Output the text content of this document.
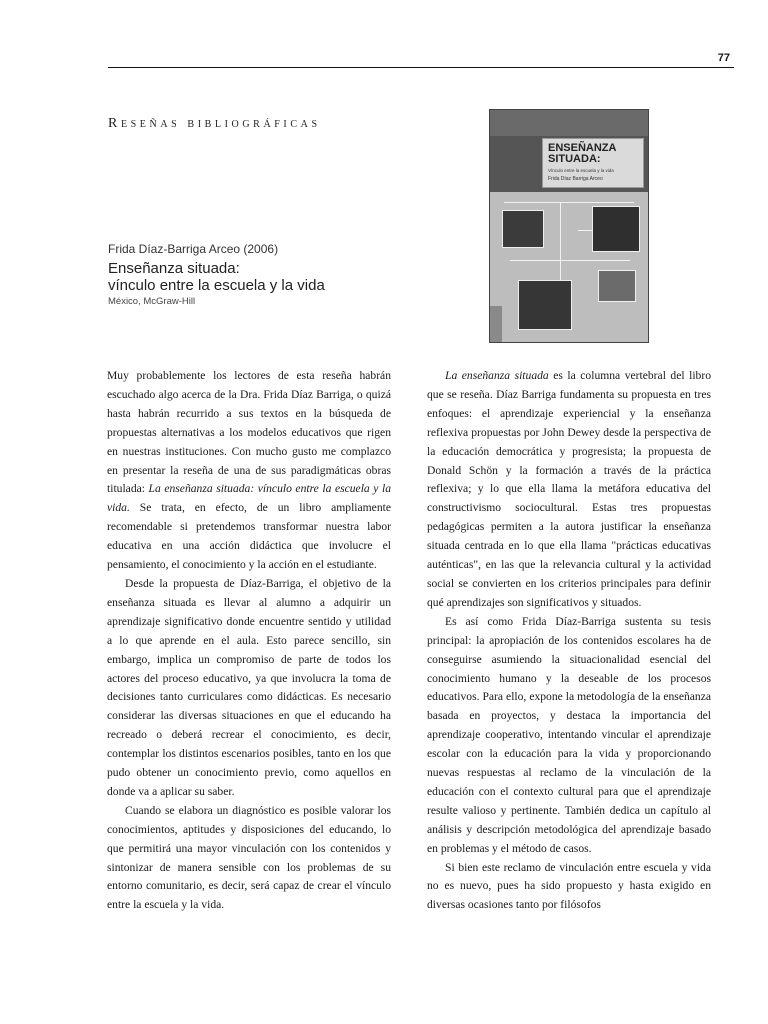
77
Reseñas bibliográficas
Frida Díaz-Barriga Arceo (2006)
Enseñanza situada:
vínculo entre la escuela y la vida
México, McGraw-Hill
ENSEÑANZA
SITUADA:
Vínculo entre la escuela y la vida
Frida Díaz Barriga Arceo

Muy probablemente los lectores de esta reseña habrán escuchado algo acerca de la Dra. Frida Díaz Barriga, o quizá hasta habrán recurrido a sus textos en la búsqueda de propuestas alternativas a los modelos educativos que rigen en nuestras instituciones. Con mucho gusto me complazco en presentar la reseña de una de sus paradigmáticas obras titulada: La enseñanza situada: vínculo entre la escuela y la vida. Se trata, en efecto, de un libro ampliamente recomendable si pretendemos transformar nuestra labor educativa en una acción didáctica que involucre el pensamiento, el conocimiento y la acción en el estudiante.

Desde la propuesta de Díaz-Barriga, el objetivo de la enseñanza situada es llevar al alumno a adquirir un aprendizaje significativo donde encuentre sentido y utilidad a lo que aprende en el aula. Esto parece sencillo, sin embargo, implica un compromiso de parte de todos los actores del proceso educativo, ya que involucra la toma de decisiones tanto curriculares como didácticas. Es necesario considerar las diversas situaciones en que el educando ha recreado o deberá recrear el conocimiento, es decir, contemplar los distintos escenarios posibles, tanto en los que pudo obtener un conocimiento previo, como aquellos en donde va a aplicar su saber.

Cuando se elabora un diagnóstico es posible valorar los conocimientos, aptitudes y disposiciones del educando, lo que permitirá una mayor vinculación con los contenidos y sintonizar de manera sensible con los problemas de su entorno comunitario, es decir, será capaz de crear el vínculo entre la escuela y la vida.

La enseñanza situada es la columna vertebral del libro que se reseña. Díaz Barriga fundamenta su propuesta en tres enfoques: el aprendizaje experiencial y la enseñanza reflexiva propuestas por John Dewey desde la perspectiva de la educación democrática y progresista; la propuesta de Donald Schön y la formación a través de la práctica reflexiva; y lo que ella llama la metáfora educativa del constructivismo sociocultural. Estas tres propuestas pedagógicas permiten a la autora justificar la enseñanza situada centrada en lo que ella llama "prácticas educativas auténticas", en las que la relevancia cultural y la actividad social se convierten en los criterios principales para definir qué aprendizajes son significativos y situados.

Es así como Frida Díaz-Barriga sustenta su tesis principal: la apropiación de los contenidos escolares ha de conseguirse asumiendo la situacionalidad esencial del conocimiento humano y la deseable de los procesos educativos. Para ello, expone la metodología de la enseñanza basada en proyectos, y destaca la importancia del aprendizaje cooperativo, intentando vincular el aprendizaje escolar con la educación para la vida y proporcionando nuevas respuestas al reclamo de la vinculación de la educación con el contexto cultural para que el aprendizaje resulte valioso y pertinente. También dedica un capítulo al análisis y descripción metodológica del aprendizaje basado en problemas y el método de casos.

Si bien este reclamo de vinculación entre escuela y vida no es nuevo, pues ha sido propuesto y hasta exigido en diversas ocasiones tanto por filósofos
